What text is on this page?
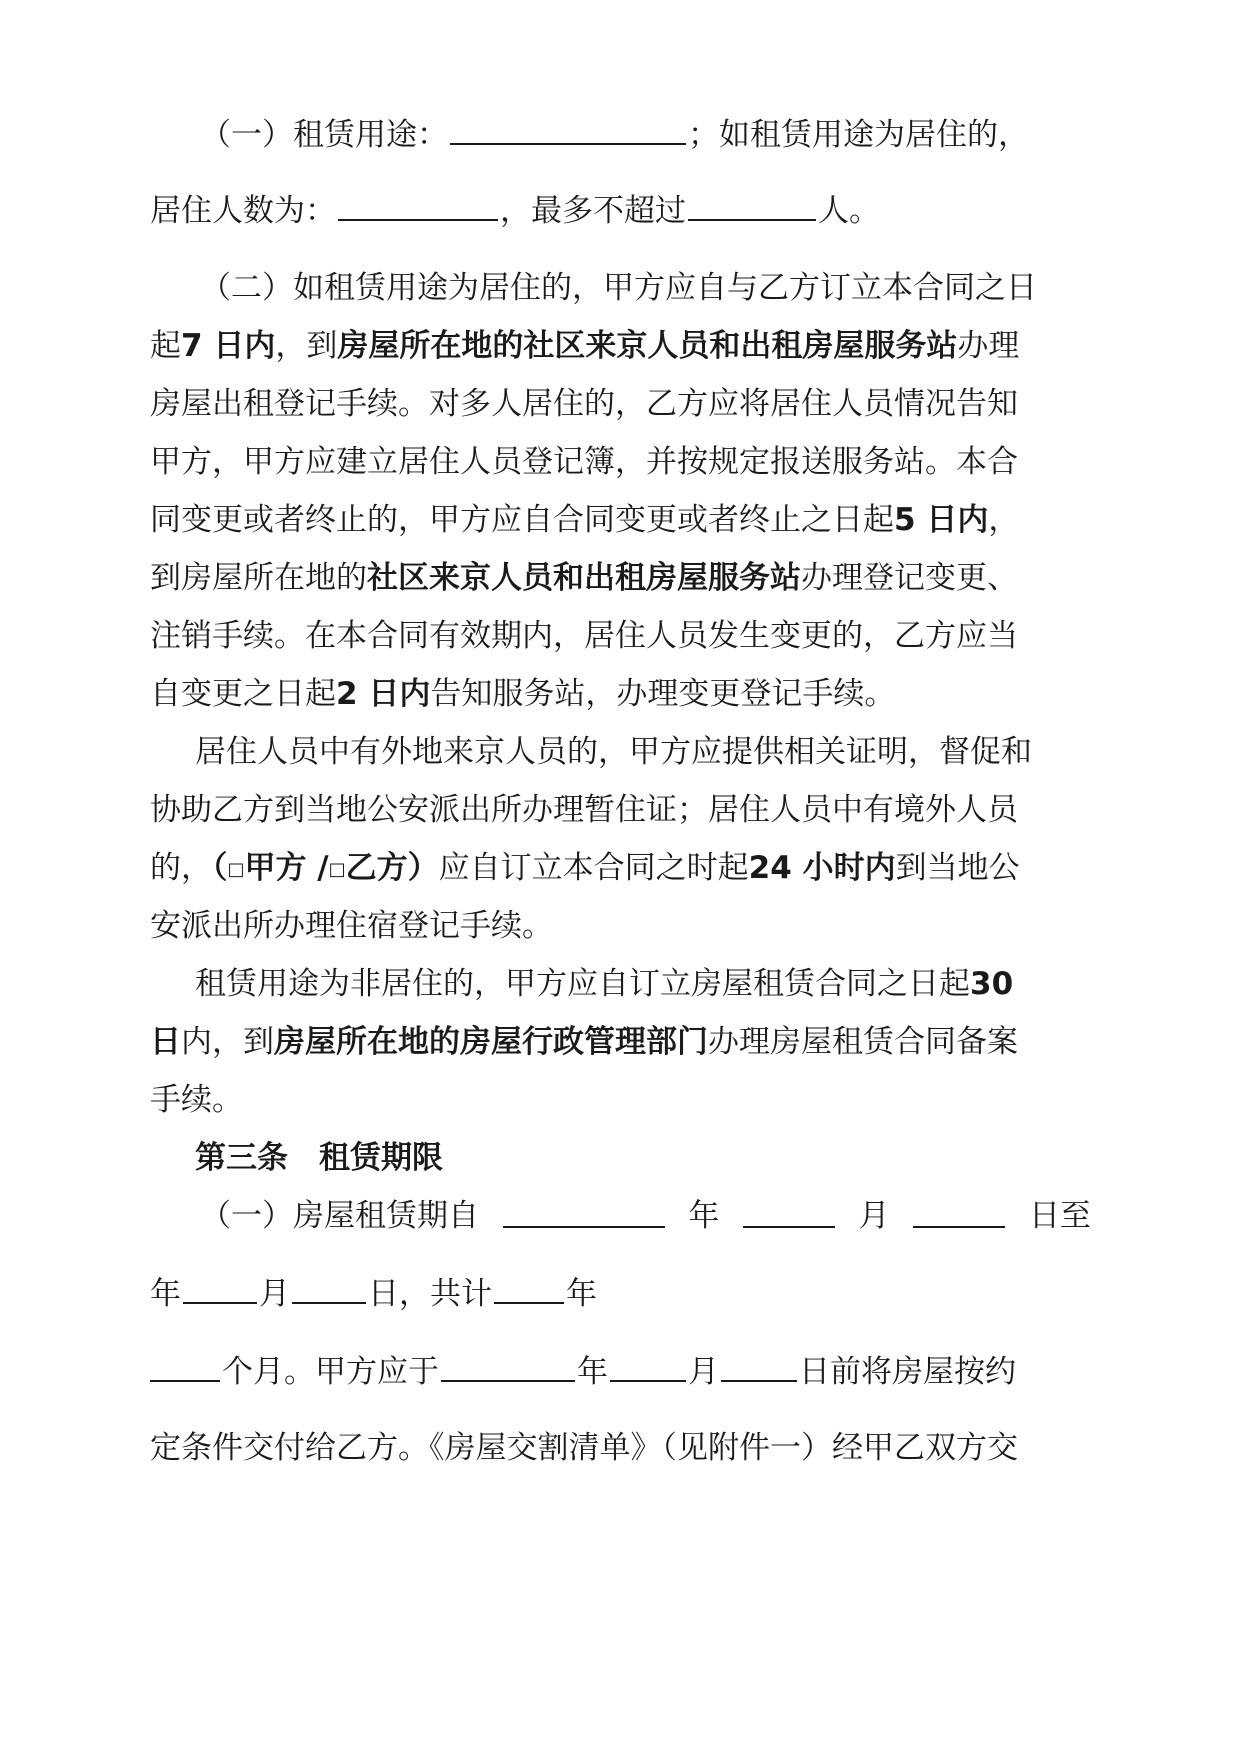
（一）租赁用途：	；如租赁用途为居住的，
居住人数为：	，最多不超过	人。
（二）如租赁用途为居住的，甲方应自与乙方订立本合同之日
起7 日内，到房屋所在地的社区来京人员和出租房屋服务站办理
房屋出租登记手续。对多人居住的，乙方应将居住人员情况告知
甲方，甲方应建立居住人员登记簿，并按规定报送服务站。本合
同变更或者终止的，甲方应自合同变更或者终止之日起5 日内，
到房屋所在地的社区来京人员和出租房屋服务站办理登记变更、
注销手续。在本合同有效期内，居住人员发生变更的，乙方应当
自变更之日起2 日内告知服务站，办理变更登记手续。
居住人员中有外地来京人员的，甲方应提供相关证明，督促和
协助乙方到当地公安派出所办理暂住证；居住人员中有境外人员
的，（□甲方 /□乙方）应自订立本合同之时起24 小时内到当地公
安派出所办理住宿登记手续。
租赁用途为非居住的，甲方应自订立房屋租赁合同之日起30
日内，到房屋所在地的房屋行政管理部门办理房屋租赁合同备案
手续。
第三条　租赁期限
（一）房屋租赁期自	年	月	日至
年	月	日，共计 年
个月。甲方应于	年	月	日前将房屋按约
定条件交付给乙方。《房屋交割清单》（见附件一）经甲乙双方交
